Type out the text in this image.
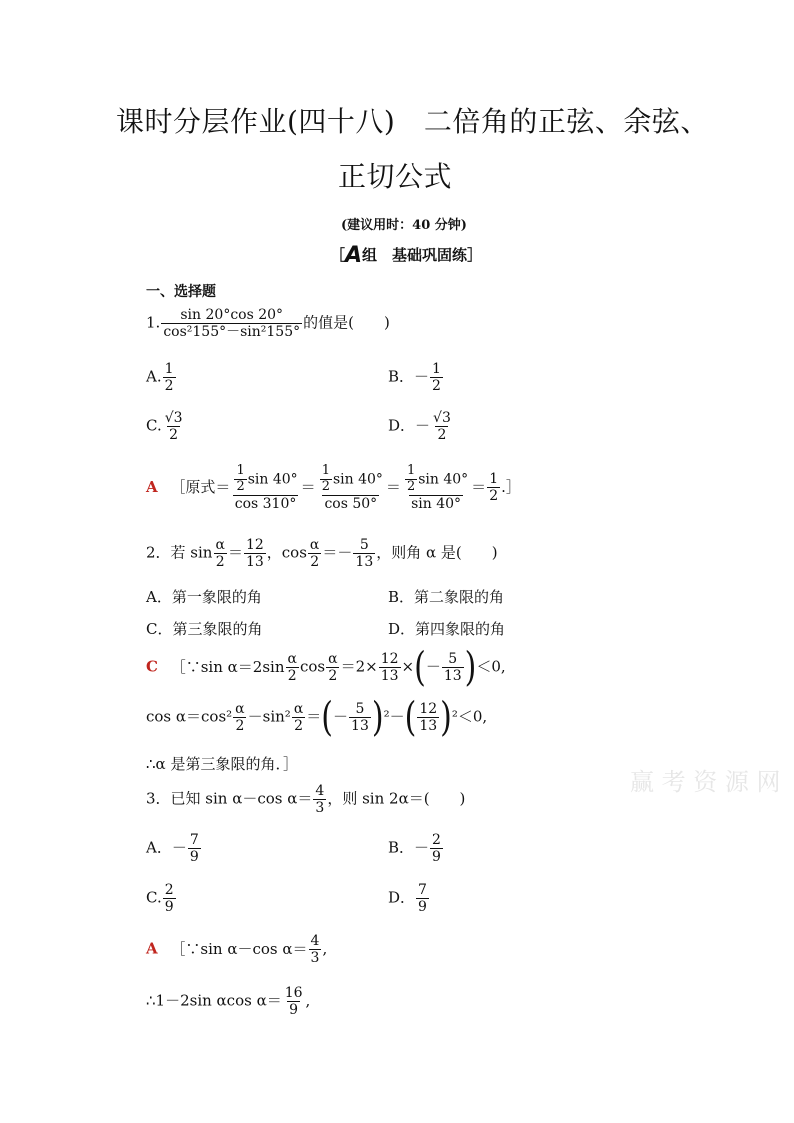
课时分层作业(四十八)　二倍角的正弦、余弦、
正切公式
(建议用时：40 分钟)
［A组　基础巩固练］
一、选择题
1. $\frac{\sin 20^\circ\cos 20^\circ}{\text{cos²155°－sin²155°}}$ 的值是(　　)
A. $\frac{1}{2}$	B．－ $\frac{1}{2}$
C. $\frac{√3}{2}$	D．－ $\frac{√3}{2}$
A ［原式＝ $\frac{\frac{1}{2} \sin 40^\circ}{\cos 310^\circ} = \frac{\frac{1}{2} \sin 40^\circ}{\cos 50^\circ} = \frac{\frac{1}{2} \sin 40^\circ}{\sin 40^\circ} = \frac{1}{2}$ .］
2．若 $\sin \frac{\alpha}{2} = \frac{12}{13}$ ，$\cos \frac{\alpha}{2} =- \frac{5}{13}$ ，则角 α 是(　　)
A．第一象限的角	B．第二象限的角
C．第三象限的角	D．第四象限的角
C ［∵sin $\alpha=2\sin \frac{\alpha}{2}$ $\cos \frac{\alpha}{2} =2\times \frac{12}{13}$ ×(－ $\frac{5}{13} )<0$,
$\cos \alpha=\cos^2 \frac{\alpha}{2} -\sin^2 \frac{\alpha}{2}$ ＝(－ $\frac{5}{13} )^2-( \frac{12}{13} )^2<0$,
∴α 是第三象限的角．］
赢 考 资 源 网
3．已知 sin α－cos $\alpha= \frac{4}{3}$ ，则 sin 2α＝(　　)
A．－ $\frac{7}{9}$	B．－ $\frac{2}{9}$
C. $\frac{2}{9}$	D． $\frac{7}{9}$
A ［∵sin α－cos $\alpha= \frac{4}{3}$ ,
∴1－2sin αcos $\alpha= \frac{16}{9}$ ,
